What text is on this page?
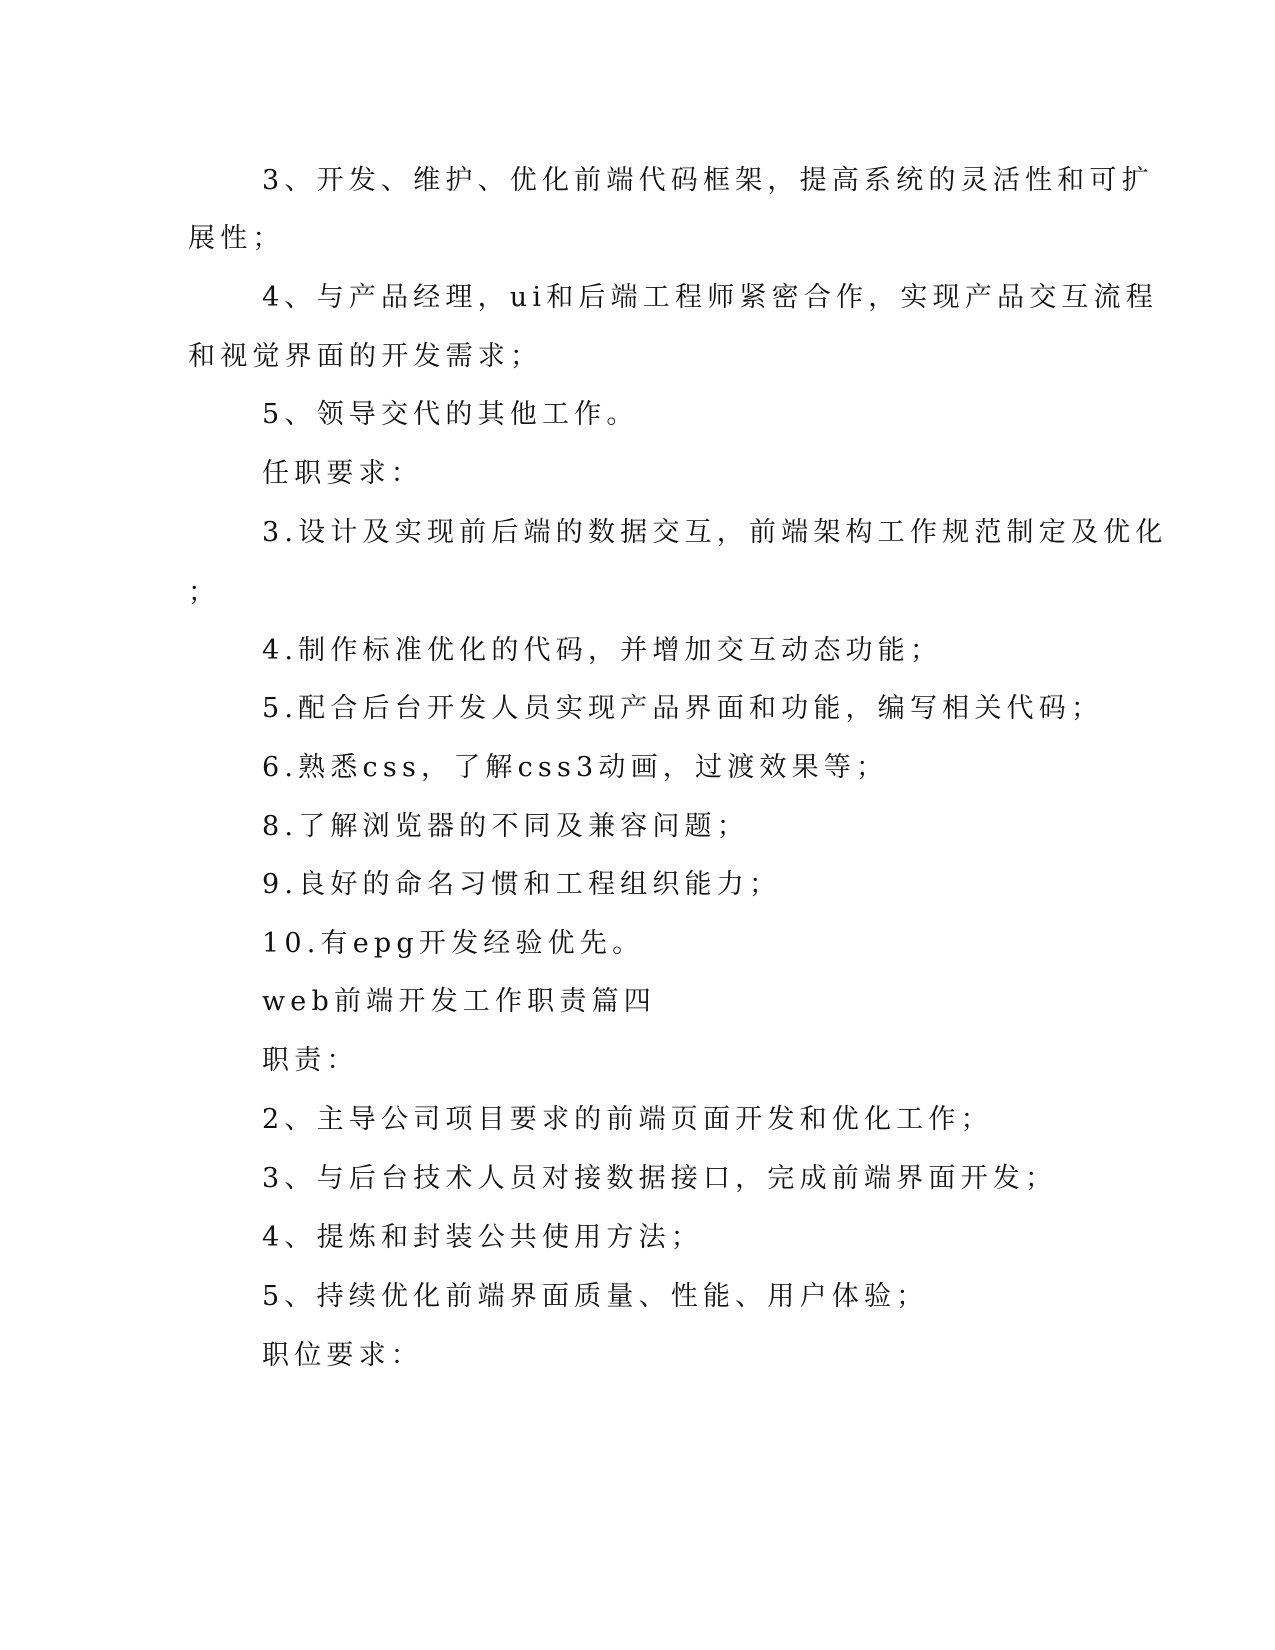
3、开发、维护、优化前端代码框架，提高系统的灵活性和可扩

展性；

4、与产品经理，ui和后端工程师紧密合作，实现产品交互流程

和视觉界面的开发需求；

5、领导交代的其他工作。

任职要求：

3.设计及实现前后端的数据交互，前端架构工作规范制定及优化

；

4.制作标准优化的代码，并增加交互动态功能；

5.配合后台开发人员实现产品界面和功能，编写相关代码；

6.熟悉css，了解css3动画，过渡效果等；

8.了解浏览器的不同及兼容问题；

9.良好的命名习惯和工程组织能力；

10.有epg开发经验优先。

web前端开发工作职责篇四

职责：

2、主导公司项目要求的前端页面开发和优化工作；

3、与后台技术人员对接数据接口，完成前端界面开发；

4、提炼和封装公共使用方法；

5、持续优化前端界面质量、性能、用户体验；

职位要求：
